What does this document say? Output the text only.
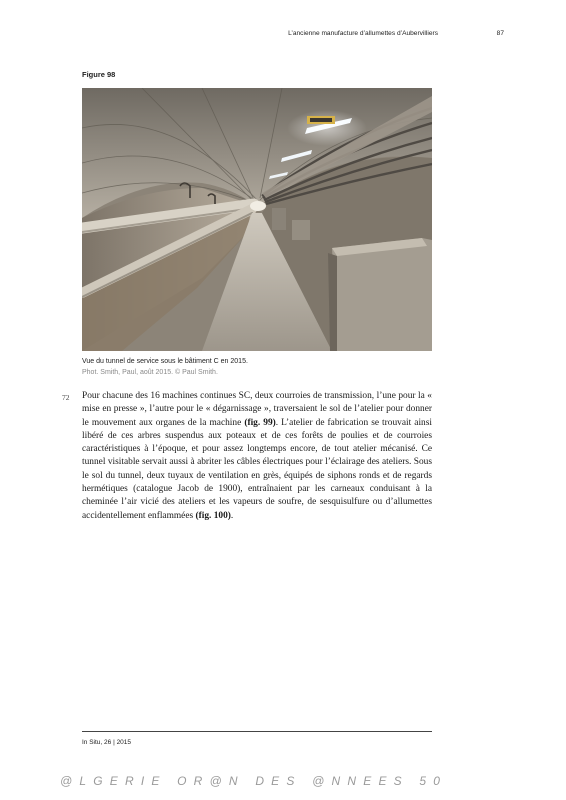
L’ancienne manufacture d’allumettes d’Aubervilliers	87
Figure 98
Vue du tunnel de service sous le bâtiment C en 2015.
Phot. Smith, Paul, août 2015. © Paul Smith.
72 Pour chacune des 16 machines continues SC, deux courroies de transmission, l’une pour la « mise en presse », l’autre pour le « dégarnissage », traversaient le sol de l’atelier pour donner le mouvement aux organes de la machine (fig. 99). L’atelier de fabrication se trouvait ainsi libéré de ces arbres suspendus aux poteaux et de ces forêts de poulies et de courroies caractéristiques à l’époque, et pour assez longtemps encore, de tout atelier mécanisé. Ce tunnel visitable servait aussi à abriter les câbles électriques pour l’éclairage des ateliers. Sous le sol du tunnel, deux tuyaux de ventilation en grès, équipés de siphons ronds et de regards hermétiques (catalogue Jacob de 1900), entraînaient par les carneaux conduisant à la cheminée l’air vicié des ateliers et les vapeurs de soufre, de sesquisulfure ou d’allumettes accidentellement enflammées (fig. 100).

In Situ, 26 | 2015
@LGERIE OR@N DES @NNEES 50
